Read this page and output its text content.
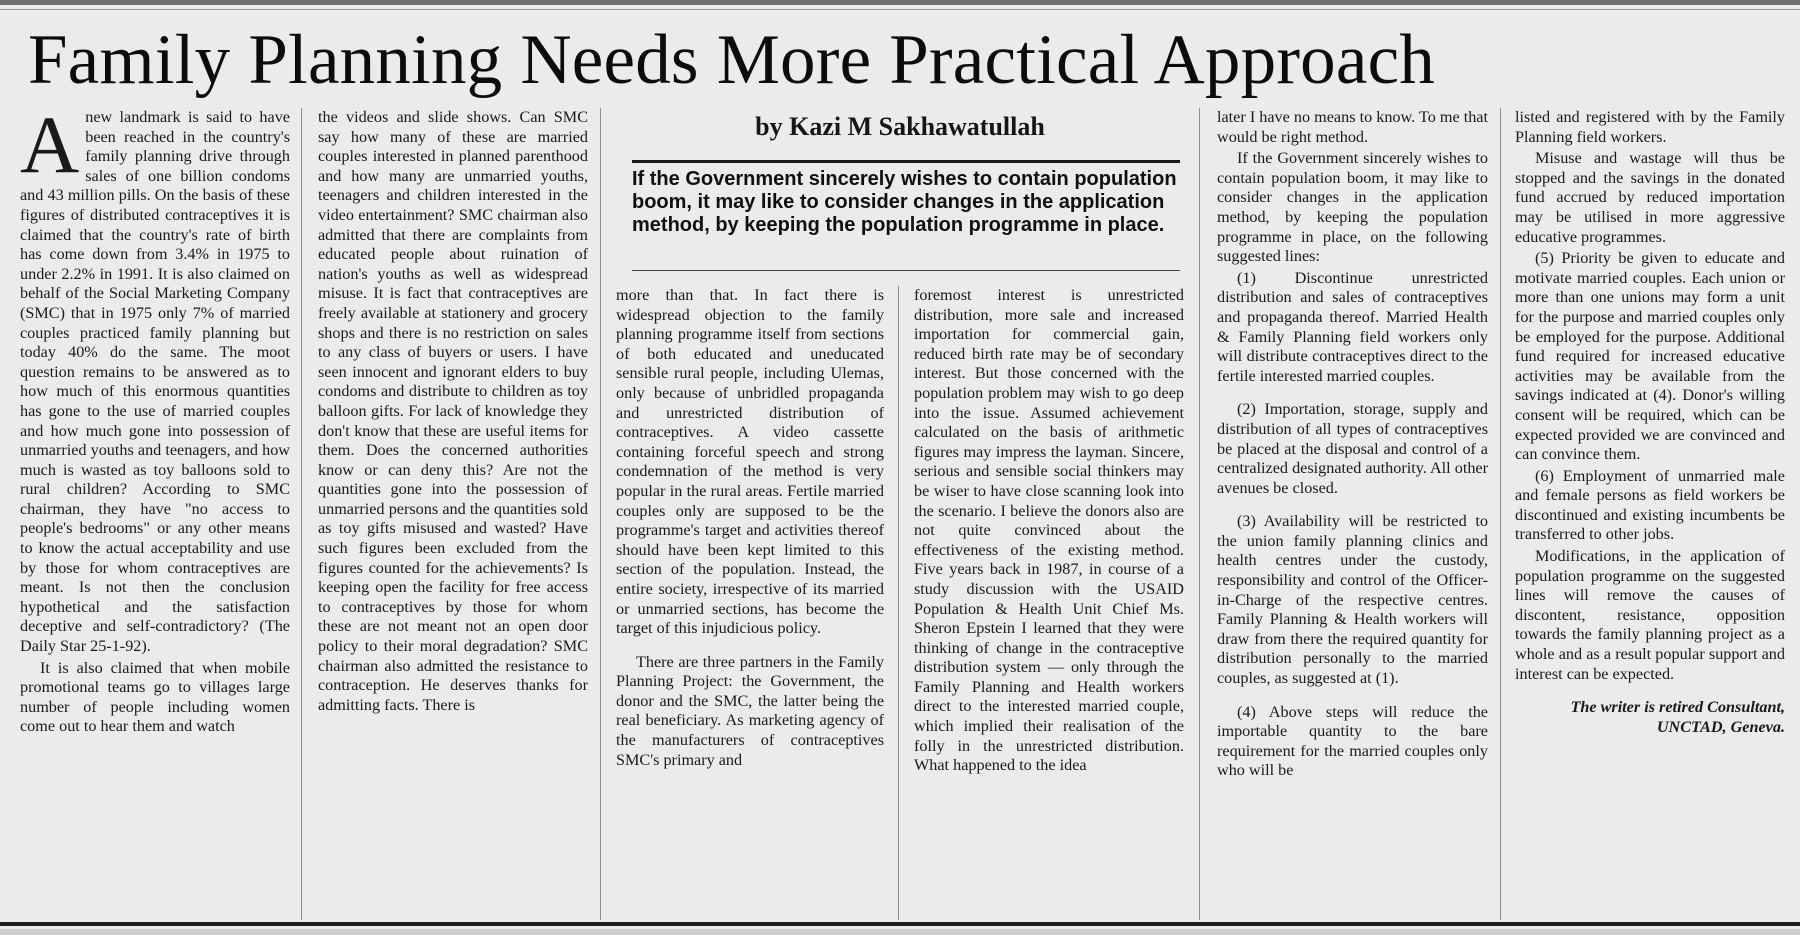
Family Planning Needs More Practical Approach

Anew landmark is said to have been reached in the country's family planning drive through sales of one billion condoms and 43 million pills. On the basis of these figures of distributed contraceptives it is claimed that the country's rate of birth has come down from 3.4% in 1975 to under 2.2% in 1991. It is also claimed on behalf of the Social Marketing Company (SMC) that in 1975 only 7% of married couples practiced family planning but today 40% do the same. The moot question remains to be answered as to how much of this enormous quantities has gone to the use of married couples and how much gone into possession of unmarried youths and teenagers, and how much is wasted as toy balloons sold to rural children? According to SMC chairman, they have "no access to people's bedrooms" or any other means to know the actual acceptability and use by those for whom contraceptives are meant. Is not then the conclusion hypothetical and the satisfaction deceptive and self-contradictory? (The Daily Star 25-1-92).

It is also claimed that when mobile promotional teams go to villages large number of people including women come out to hear them and watch

the videos and slide shows. Can SMC say how many of these are married couples interested in planned parenthood and how many are unmarried youths, teenagers and children interested in the video entertainment? SMC chairman also admitted that there are complaints from educated people about ruination of nation's youths as well as widespread misuse. It is fact that contraceptives are freely available at stationery and grocery shops and there is no restriction on sales to any class of buyers or users. I have seen innocent and ignorant elders to buy condoms and distribute to children as toy balloon gifts. For lack of knowledge they don't know that these are useful items for them. Does the concerned authorities know or can deny this? Are not the quantities gone into the possession of unmarried persons and the quantities sold as toy gifts misused and wasted? Have such figures been excluded from the figures counted for the achievements? Is keeping open the facility for free access to contraceptives by those for whom these are not meant not an open door policy to their moral degradation? SMC chairman also admitted the resistance to contraception. He deserves thanks for admitting facts. There is

by Kazi M Sakhawatullah
If the Government sincerely wishes to contain population boom, it may like to consider changes in the application method, by keeping the population programme in place.

more than that. In fact there is widespread objection to the family planning programme itself from sections of both educated and uneducated sensible rural people, including Ulemas, only because of unbridled propaganda and unrestricted distribution of contraceptives. A video cassette containing forceful speech and strong condemnation of the method is very popular in the rural areas. Fertile married couples only are supposed to be the programme's target and activities thereof should have been kept limited to this section of the population. Instead, the entire society, irrespective of its married or unmarried sections, has become the target of this injudicious policy.

There are three partners in the Family Planning Project: the Government, the donor and the SMC, the latter being the real beneficiary. As marketing agency of the manufacturers of contraceptives SMC's primary and

foremost interest is unrestricted distribution, more sale and increased importation for commercial gain, reduced birth rate may be of secondary interest. But those concerned with the population problem may wish to go deep into the issue. Assumed achievement calculated on the basis of arithmetic figures may impress the layman. Sincere, serious and sensible social thinkers may be wiser to have close scanning look into the scenario. I believe the donors also are not quite convinced about the effectiveness of the existing method. Five years back in 1987, in course of a study discussion with the USAID Population & Health Unit Chief Ms. Sheron Epstein I learned that they were thinking of change in the contraceptive distribution system — only through the Family Planning and Health workers direct to the interested married couple, which implied their realisation of the folly in the unrestricted distribution. What happened to the idea

later I have no means to know. To me that would be right method.

If the Government sincerely wishes to contain population boom, it may like to consider changes in the application method, by keeping the population programme in place, on the following suggested lines:

(1) Discontinue unrestricted distribution and sales of contraceptives and propaganda thereof. Married Health & Family Planning field workers only will distribute contraceptives direct to the fertile interested married couples.

(2) Importation, storage, supply and distribution of all types of contraceptives be placed at the disposal and control of a centralized designated authority. All other avenues be closed.

(3) Availability will be restricted to the union family planning clinics and health centres under the custody, responsibility and control of the Officer-in-Charge of the respective centres. Family Planning & Health workers will draw from there the required quantity for distribution personally to the married couples, as suggested at (1).

(4) Above steps will reduce the importable quantity to the bare requirement for the married couples only who will be

listed and registered with by the Family Planning field workers.

Misuse and wastage will thus be stopped and the savings in the donated fund accrued by reduced importation may be utilised in more aggressive educative programmes.

(5) Priority be given to educate and motivate married couples. Each union or more than one unions may form a unit for the purpose and married couples only be employed for the purpose. Additional fund required for increased educative activities may be available from the savings indicated at (4). Donor's willing consent will be required, which can be expected provided we are convinced and can convince them.

(6) Employment of unmarried male and female persons as field workers be discontinued and existing incumbents be transferred to other jobs.

Modifications, in the application of population programme on the suggested lines will remove the causes of discontent, resistance, opposition towards the family planning project as a whole and as a result popular support and interest can be expected.

The writer is retired Consultant, UNCTAD, Geneva.
